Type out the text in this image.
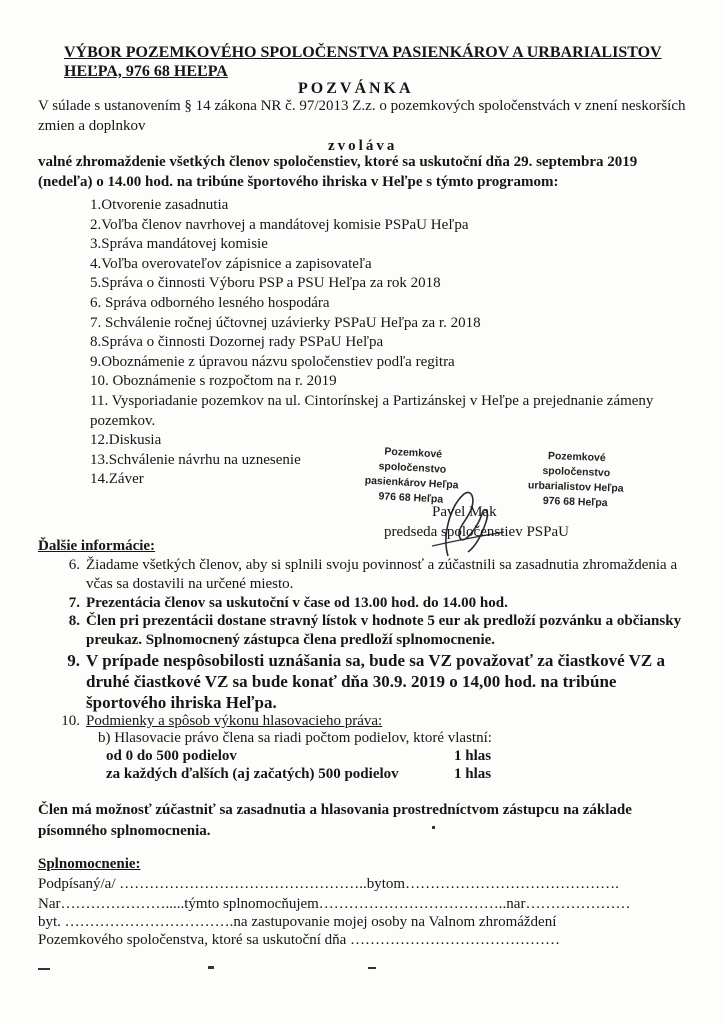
VÝBOR POZEMKOVÉHO SPOLOČENSTVA PASIENKÁROV A URBARIALISTOV
HEĽPA, 976 68 HEĽPA
POZVÁNKA
V súlade s ustanovením § 14 zákona NR č. 97/2013 Z.z. o pozemkových spoločenstvách v znení neskorších zmien a doplnkov
zvoláva
valné zhromaždenie všetkých členov spoločenstiev, ktoré sa uskutoční dňa 29. septembra 2019 (nedeľa) o 14.00 hod. na tribúne športového ihriska v Heľpe s týmto programom:
1.Otvorenie zasadnutia
2.Voľba členov navrhovej a mandátovej komisie PSPaU Heľpa
3.Správa mandátovej komisie
4.Voľba overovateľov zápisnice a zapisovateľa
5.Správa o činnosti Výboru PSP a PSU Heľpa za rok 2018
6. Správa odborného lesného hospodára
7. Schválenie ročnej účtovnej uzávierky PSPaU Heľpa za r. 2018
8.Správa o činnosti Dozornej rady PSPaU Heľpa
9.Oboznámenie z úpravou názvu spoločenstiev podľa regitra
10. Oboznámenie s rozpočtom na r. 2019
11. Vysporiadanie pozemkov na ul. Cintorínskej a Partizánskej v Heľpe a prejednanie zámeny pozemkov.
12.Diskusia
13.Schválenie návrhu na uznesenie
14.Záver
Pozemkové spoločenstvo
pasienkárov Heľpa
976 68 Heľpa
Pozemkové spoločenstvo
urbarialistov Heľpa
976 68 Heľpa
Pavel Mak
predseda spoločenstiev PSPaU
Ďalšie informácie:
6. Žiadame všetkých členov, aby si splnili svoju povinnosť a zúčastnili sa zasadnutia zhromaždenia a včas sa dostavili na určené miesto.
7. Prezentácia členov sa uskutoční v čase od 13.00 hod. do 14.00 hod.
8. Člen pri prezentácii dostane stravný lístok v hodnote 5 eur ak predloží pozvánku a občiansky preukaz. Splnomocnený zástupca člena predloží splnomocnenie.
9. V prípade nespôsobilosti uznášania sa, bude sa VZ považovať za čiastkové VZ a druhé čiastkové VZ sa bude konať dňa 30.9. 2019 o 14,00 hod. na tribúne športového ihriska Heľpa.
10. Podmienky a spôsob výkonu hlasovacieho práva:
b) Hlasovacie právo člena sa riadi počtom podielov, ktoré vlastní:
od 0 do 500 podielov	1 hlas
za každých ďalších (aj začatých) 500 podielov	1 hlas
Člen má možnosť zúčastniť sa zasadnutia a hlasovania prostredníctvom zástupcu na základe písomného splnomocnenia.
Splnomocnenie:
Podpísaný/a/ …………………………………………..bytom…………………………………….
Nar………………….....týmto splnomocňujem………………………………..nar…………………
byt. …………………………….na zastupovanie mojej osoby na Valnom zhromáždení
Pozemkového spoločenstva, ktoré sa uskutoční dňa ……………………………………
